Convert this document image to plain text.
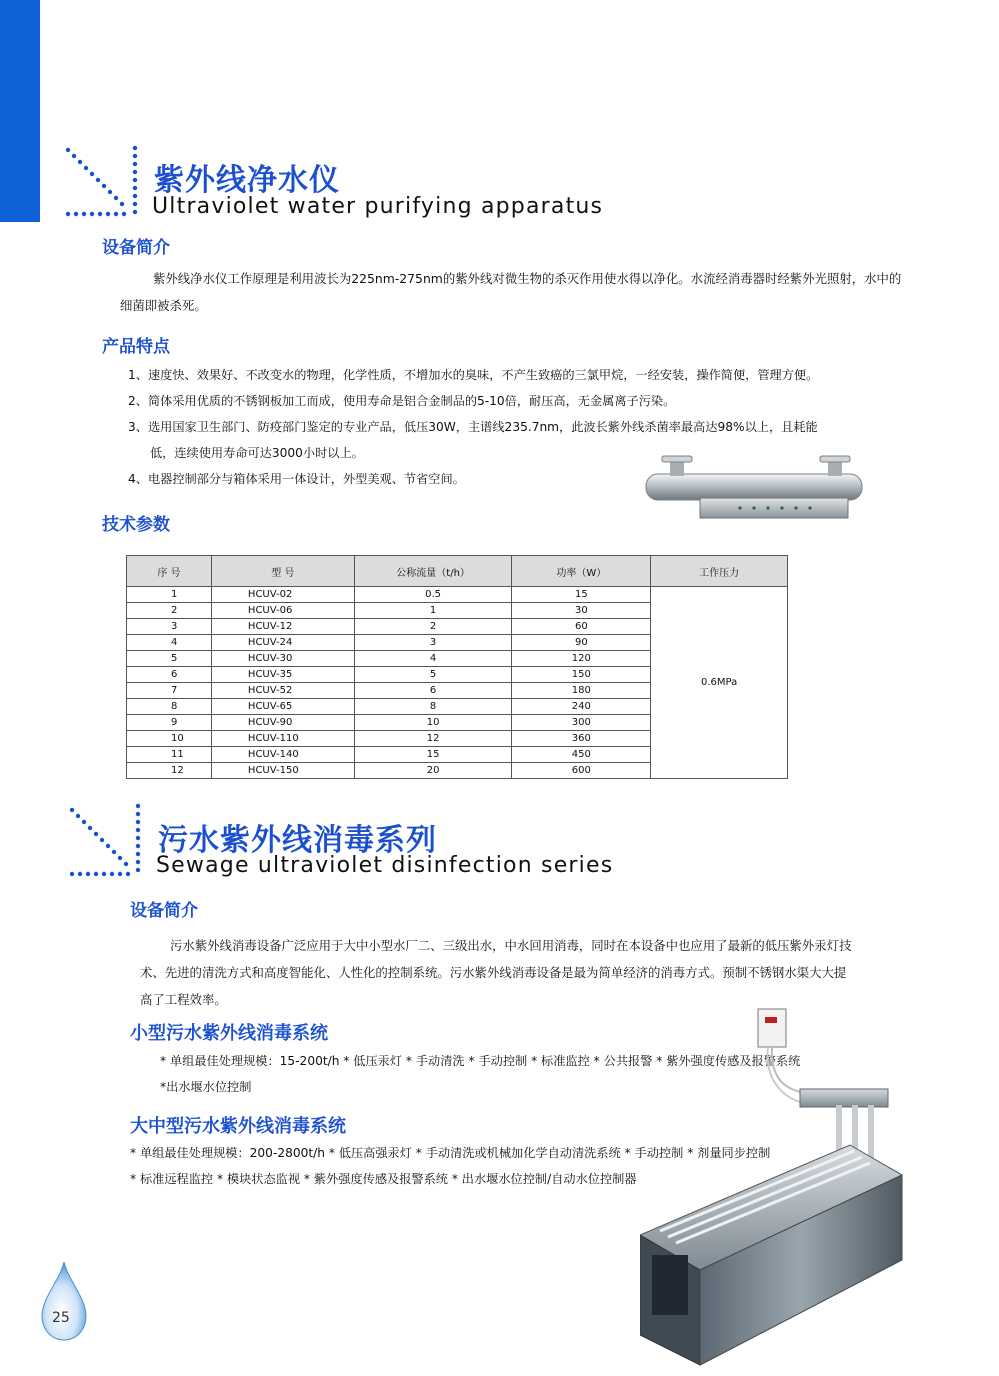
紫外线净水仪
Ultraviolet water purifying apparatus
设备简介

紫外线净水仪工作原理是利用波长为225nm-275nm的紫外线对微生物的杀灭作用使水得以净化。水流经消毒器时经紫外光照射，水中的

细菌即被杀死。

产品特点
1、速度快、效果好、不改变水的物理，化学性质，不增加水的臭味，不产生致癌的三氯甲烷，一经安装，操作简便，管理方便。
2、简体采用优质的不锈钢板加工而成，使用寿命是铝合金制品的5-10倍，耐压高，无金属离子污染。
3、选用国家卫生部门、防疫部门鉴定的专业产品，低压30W，主谱线235.7nm，此波长紫外线杀菌率最高达98%以上，且耗能
低，连续使用寿命可达3000小时以上。
4、电器控制部分与箱体采用一体设计，外型美观、节省空间。
技术参数
序 号	型 号	公称流量（t/h）	功率（W）	工作压力
1	HCUV-02	0.5	15	0.6MPa
2	HCUV-06	1	30	
3	HCUV-12	2	60	
4	HCUV-24	3	90	
5	HCUV-30	4	120	
6	HCUV-35	5	150	
7	HCUV-52	6	180	
8	HCUV-65	8	240	
9	HCUV-90	10	300	
10	HCUV-110	12	360	
11	HCUV-140	15	450	
12	HCUV-150	20	600	
污水紫外线消毒系列
Sewage ultraviolet disinfection series
设备简介

污水紫外线消毒设备广泛应用于大中小型水厂二、三级出水，中水回用消毒，同时在本设备中也应用了最新的低压紫外汞灯技

术、先进的清洗方式和高度智能化、人性化的控制系统。污水紫外线消毒设备是最为简单经济的消毒方式。预制不锈钢水渠大大提

高了工程效率。

小型污水紫外线消毒系统
* 单组最佳处理规模：15-200t/h * 低压汞灯 * 手动清洗 * 手动控制 * 标准监控 * 公共报警 * 紫外强度传感及报警系统
*出水堰水位控制
大中型污水紫外线消毒系统
* 单组最佳处理规模：200-2800t/h * 低压高强汞灯 * 手动清洗或机械加化学自动清洗系统 * 手动控制 * 剂量同步控制
* 标准远程监控 * 模块状态监视 * 紫外强度传感及报警系统 * 出水堰水位控制/自动水位控制器
25
